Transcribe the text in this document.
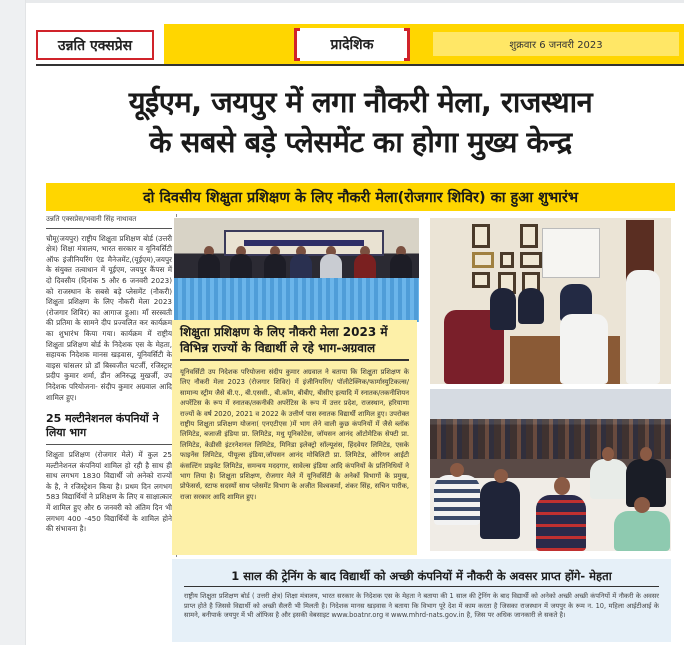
उन्नति एक्सप्रेस	प्रादेशिक	शुक्रवार 6 जनवरी 2023
यूईएम, जयपुर में लगा नौकरी मेला, राजस्थान
के सबसे बड़े प्लेसमेंट का होगा मुख्य केन्द्र
दो दिवसीय शिक्षुता प्रशिक्षण के लिए नौकरी मेला(रोजगार शिविर) का हुआ शुभारंभ
उन्नति एक्सप्रेस/भवानी सिंह नाथावत
चौमू(जयपुर) राष्ट्रीय शिक्षुता प्रशिक्षण बोर्ड (उत्तरी क्षेत्र) शिक्षा मंत्रालय, भारत सरकार व यूनिवर्सिटी ऑफ इंजीनियरिंग एंड मैनेजमेंट,(यूईएम),जयपुर के संयुक्त तत्वाधान में यूईएम, जयपुर कैंपस में दो दिवसीय (दिनांक 5 और 6 जनवरी 2023) को राजस्थान के सबसे बड़े प्लेसमेंट (नौकरी) शिक्षुता प्रशिक्षण के लिए नौकरी मेला 2023 (रोजगार शिविर) का आगाज हुआ। माँ सरस्वती की प्रतिमा के सामने दीप प्रज्वलित कर कार्यक्रम का शुभारंभ किया गया। कार्यक्रम में राष्ट्रीय शिक्षुता प्रशिक्षण बोर्ड के निदेशक एस के मेहता, सहायक निदेशक मानस खड़वास, यूनिवर्सिटी के वाइस चांसलर प्रो डॉ बिस्वजीत घटर्जी, रजिस्ट्रार प्रदीप कुमार शर्मा, डीन अनिरुद्ध मुखर्जी, उप निदेशक परियोजना- संदीप कुमार अग्रवाल आदि शामिल हुए।
25 मल्टीनेशनल कंपनियों ने लिया भाग
शिक्षुता प्रशिक्षण (रोजगार मेले) में कुल 25 मल्टीनेशनल कंपनियां शामिल हो रही है साथ ही साथ लगभग 1830 विद्यार्थी जो अनेको राज्यों के है, ने रजिस्ट्रेशन किया है। प्रथम दिन लगभग 583 विद्यार्थियों ने प्रशिक्षण के लिए व साक्षात्कार में शामिल हुए और 6 जनवरी को अंतिम दिन भी लगभग 400 -450 विद्यार्थियों के शामिल होने की संभावना है।
शिक्षुता प्रशिक्षण के लिए नौकरी मेला 2023 में विभिन्न राज्यों के विद्यार्थी ले रहे भाग-अग्रवाल
यूनिवर्सिटी उप निदेशक परियोजना संदीप कुमार अग्रवाल ने बताया कि शिक्षुता प्रशिक्षण के लिए नौकरी मेला 2023 (रोजगार शिविर) में इंजीनियरिंग/ पॉलीटेक्निक/फार्मास्युटिकल्स/सामान्य स्ट्रीम जैसे बी.ए., बी.एससी., बी.कॉम, बीबीए, बीसीए इत्यादि में स्नातक/तकनीशियन अपरेंटिस के रूप में स्नातक/तकनीकी अपरेंटिस के रूप में उत्तर प्रदेश, राजस्थान, हरियाणा राज्यों के वर्ष 2020, 2021 व 2022 के उत्तीर्ण पास स्नातक विद्यार्थी शामिल हुए। उपरोक्त राष्ट्रीय शिक्षुता प्रशिक्षण योजना( एनएटीएस )में भाग लेने वाली कुछ कंपनियों में जैसे ब्लॉक लिमिटेड, बजाजी इंडिया प्रा. लिमिटेड, मधु यूनिकोटेस, जॉयसन आनंद ऑटोमेटिक सेफ्टी प्रा. लिमिटेड, केडीसी इंटरनेशनल लिमिटेड, मिनिडा इलेक्ट्रो सॉल्यूशंस, हिंदवेयर लिमिटेड, एसके फाइनेंस लिमिटेड, पीयूल्स इंडिया,जॉयसन आनंद मोबिलिटी प्रा. लिमिटेड, ओरिगन आईटी कंसल्टिंग प्राइवेट लिमिटेड, समन्वय मददगार, सावेल्स इंडिया आदि कंपनियों के प्रतिनिधियों ने भाग लिया है। शिक्षुता प्रशिक्षण, रोजगार मेले में यूनिवर्सिटी के अनेकों विभागों के प्रमुख, प्रोफेसर्स, स्टाफ सदस्यों साथ प्लेसमेंट विभाग के अजीत विश्वकर्मा, शंकर सिंह, सचिन पारीक, राजा सरकार आदि शामिल हुए।
1 साल की ट्रेनिंग के बाद विद्यार्थी को अच्छी कंपनियों में नौकरी के अवसर प्राप्त होंगे- मेहता
राष्ट्रीय शिक्षुता प्रशिक्षण बोर्ड ( उत्तरी क्षेत्र) शिक्षा मंत्रालय, भारत सरकार के निदेशक एस के मेहता ने बताया की 1 साल की ट्रेनिंग के बाद विद्यार्थी को अनेको अच्छी अच्छी कंपनियों में नौकरी के अवसर प्राप्त होते है जिससे विद्यार्थी को अच्छी सैलरी भी मिलती है। निदेशक मानस खड़वास ने बताया कि विभाग पूरे देश में काम करता है जिसका राजस्थान में जयपुर के रूम न. 10, महिला आईटीआई के सामने, बनीपार्क जयपुर में भी ऑफिस है और इसकी वेबसाइट www.boatnr.org व www.mhrd-nats.gov.in है, जिस पर अधिक जानकारी ले सकते है।
